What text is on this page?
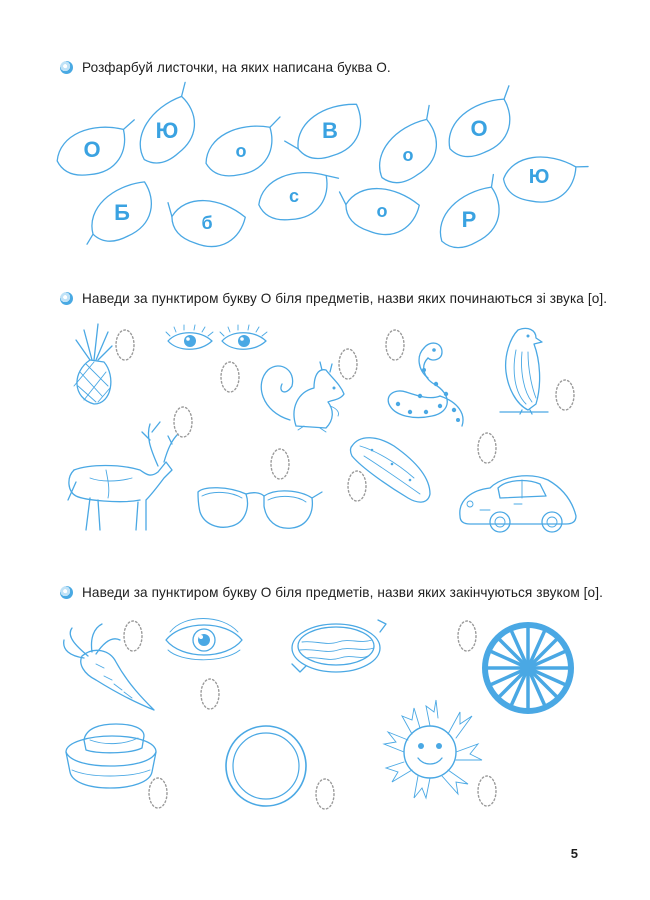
Розфарбуй листочки, на яких написана буква О.
Наведи за пунктиром букву О біля предметів, назви яких починаються зі звука [о].
Наведи за пунктиром букву О біля предметів, назви яких закінчуються звуком [о].
О
Ю
о
В
о
О
Ю
Б	б
с
о	Р
5
